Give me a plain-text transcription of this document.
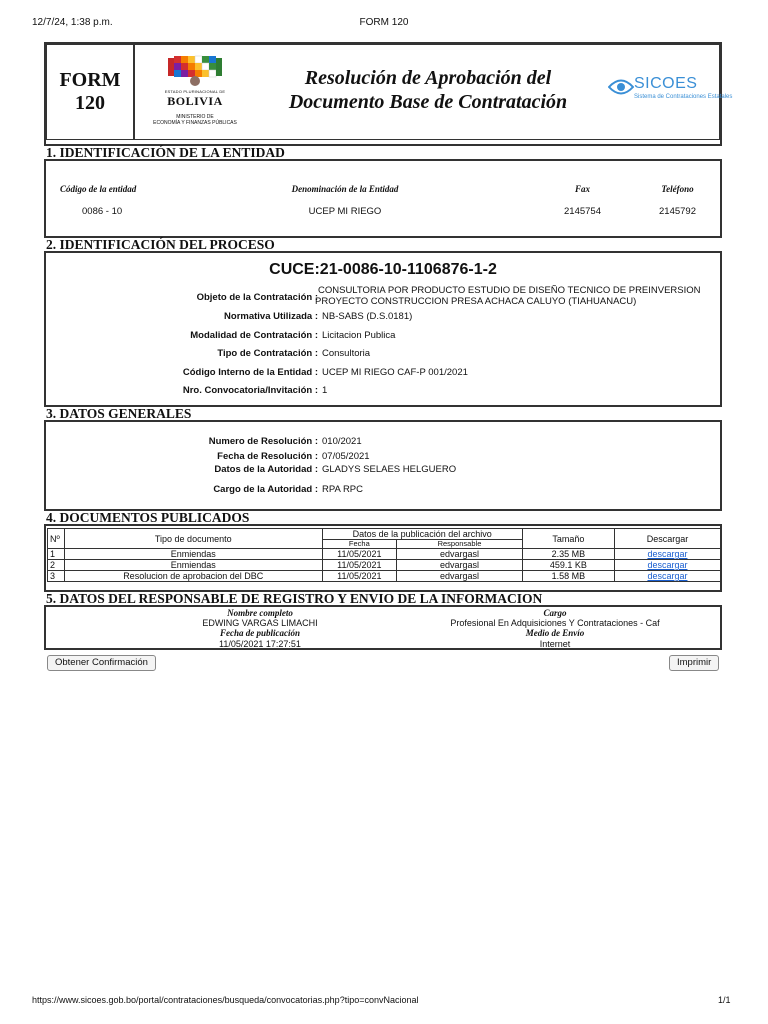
12/7/24, 1:38 p.m.	FORM 120
FORM
120
ESTADO PLURINACIONAL DE
BOLIVIA
MINISTERIO DE
ECONOMÍA Y FINANZAS PÚBLICAS
Resolución de Aprobación del
Documento Base de Contratación
SICOES
Sistema de Contrataciones Estatales
1. IDENTIFICACIÓN DE LA ENTIDAD
Código de la entidad	Denominación de la Entidad	Fax	Teléfono
0086 - 10	UCEP MI RIEGO	2145754	2145792
2. IDENTIFICACIÓN DEL PROCESO
CUCE:21-0086-10-1106876-1-2
Objeto de la Contratación :
CONSULTORIA POR PRODUCTO ESTUDIO DE DISEÑO TECNICO DE PREINVERSION
PROYECTO CONSTRUCCION PRESA ACHACA CALUYO (TIAHUANACU)
Normativa Utilizada : NB-SABS (D.S.0181)
Modalidad de Contratación : Licitacion Publica
Tipo de Contratación : Consultoria
Código Interno de la Entidad : UCEP MI RIEGO CAF-P 001/2021
Nro. Convocatoria/Invitación : 1
3. DATOS GENERALES
Numero de Resolución : 010/2021
Fecha de Resolución : 07/05/2021
Datos de la Autoridad : GLADYS SELAES HELGUERO
Cargo de la Autoridad : RPA RPC
4. DOCUMENTOS PUBLICADOS
Nº	Tipo de documento	Datos de la publicación del archivo		Tamaño	Descargar
		Fecha	Responsable		
1	Enmiendas	11/05/2021	edvargasl	2.35 MB	descargar
2	Enmiendas	11/05/2021	edvargasl	459.1 KB	descargar
3	Resolucion de aprobacion del DBC	11/05/2021	edvargasl	1.58 MB	descargar
5. DATOS DEL RESPONSABLE DE REGISTRO Y ENVIO DE LA INFORMACION
Nombre completo
EDWING VARGAS LIMACHI
Fecha de publicación
11/05/2021 17:27:51
Cargo
Profesional En Adquisiciones Y Contrataciones - Caf
Medio de Envío
Internet
Obtener Confirmación	Imprimir
https://www.sicoes.gob.bo/portal/contrataciones/busqueda/convocatorias.php?tipo=convNacional	1/1
